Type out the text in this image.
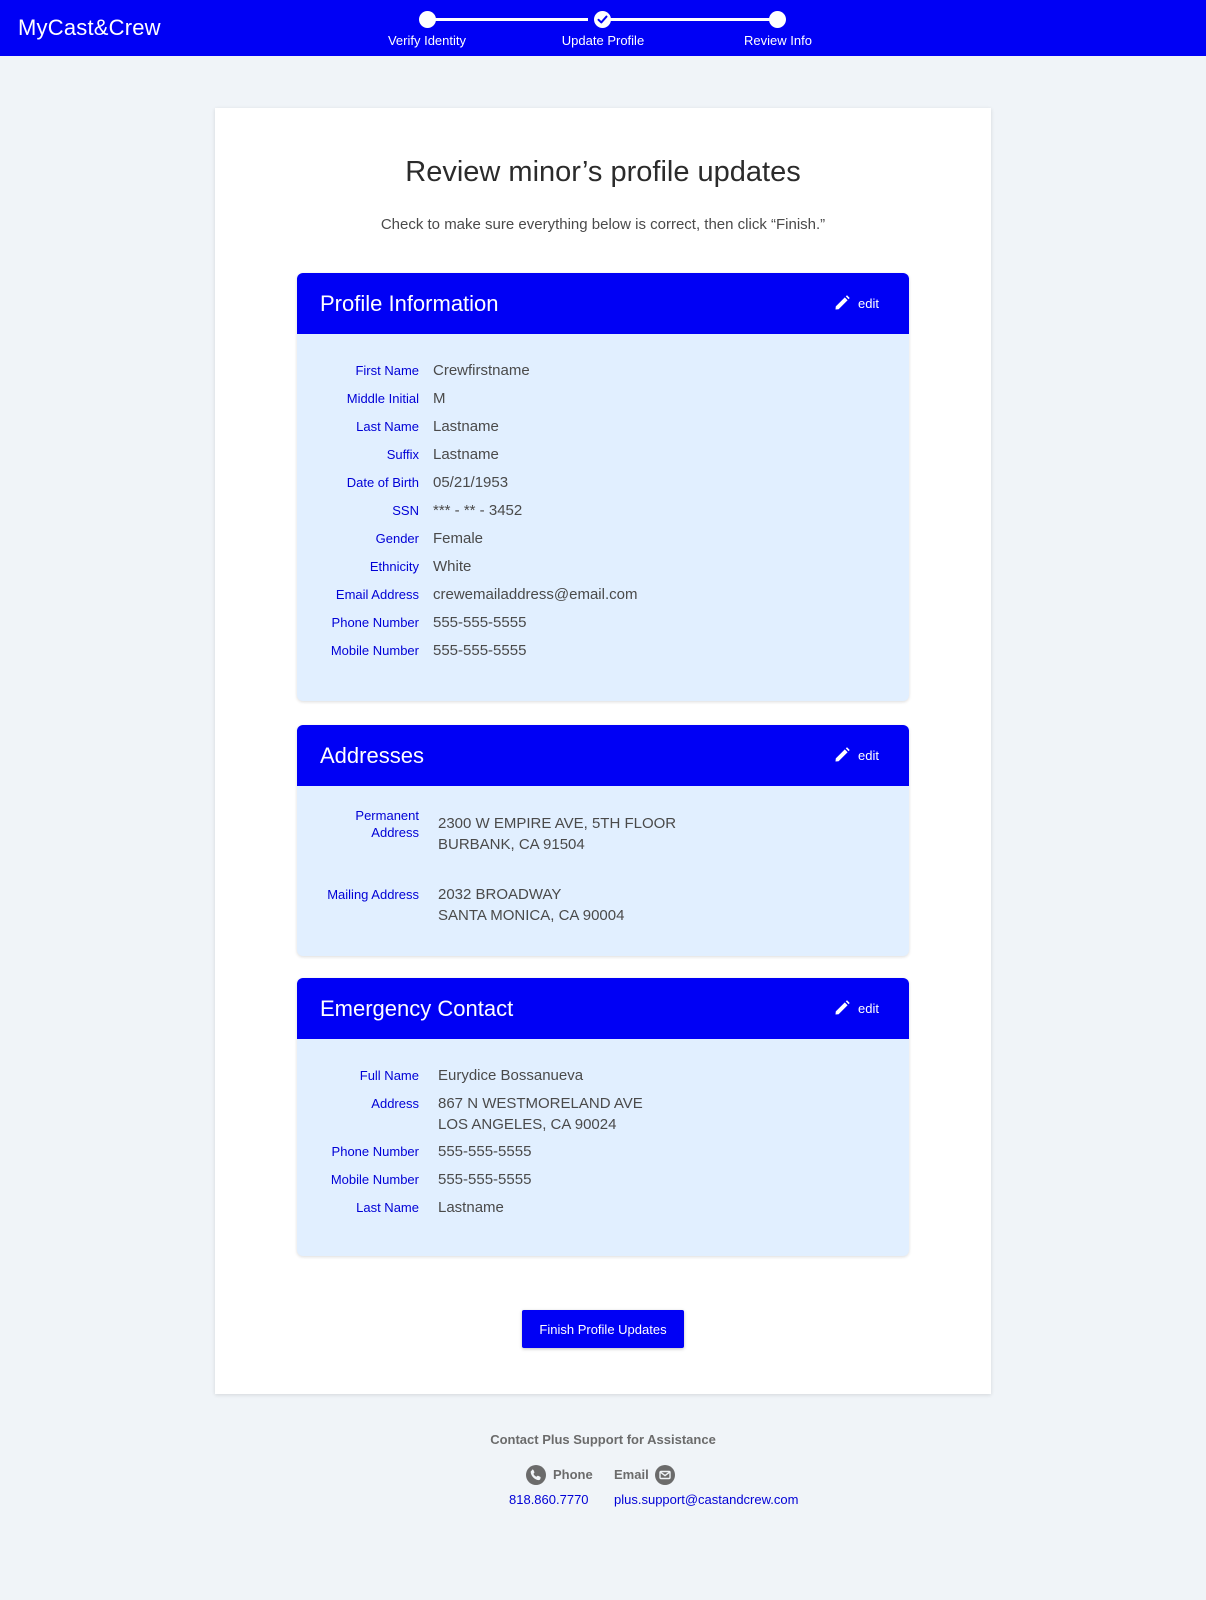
MyCast&Crew
Verify Identity	Update Profile	Review Info
Review minor’s profile updates
Check to make sure everything below is correct, then click “Finish.”
Profile Information	edit
First Name Crewfirstname
Middle Initial M
Last Name Lastname
Suffix Lastname
Date of Birth 05/21/1953
SSN *** - ** - 3452
Gender Female
Ethnicity White
Email Address crewemailaddress@email.com
Phone Number 555-555-5555
Mobile Number 555-555-5555
Addresses	edit
Permanent
Address
2300 W EMPIRE AVE, 5TH FLOOR
BURBANK, CA 91504
Mailing Address 2032 BROADWAY
SANTA MONICA, CA 90004
Emergency Contact	edit
Full Name Eurydice Bossanueva
Address 867 N WESTMORELAND AVE
LOS ANGELES, CA 90024
Phone Number 555-555-5555
Mobile Number 555-555-5555
Last Name Lastname
Finish Profile Updates
Contact Plus Support for Assistance
Phone Email
818.860.7770 plus.support@castandcrew.com
